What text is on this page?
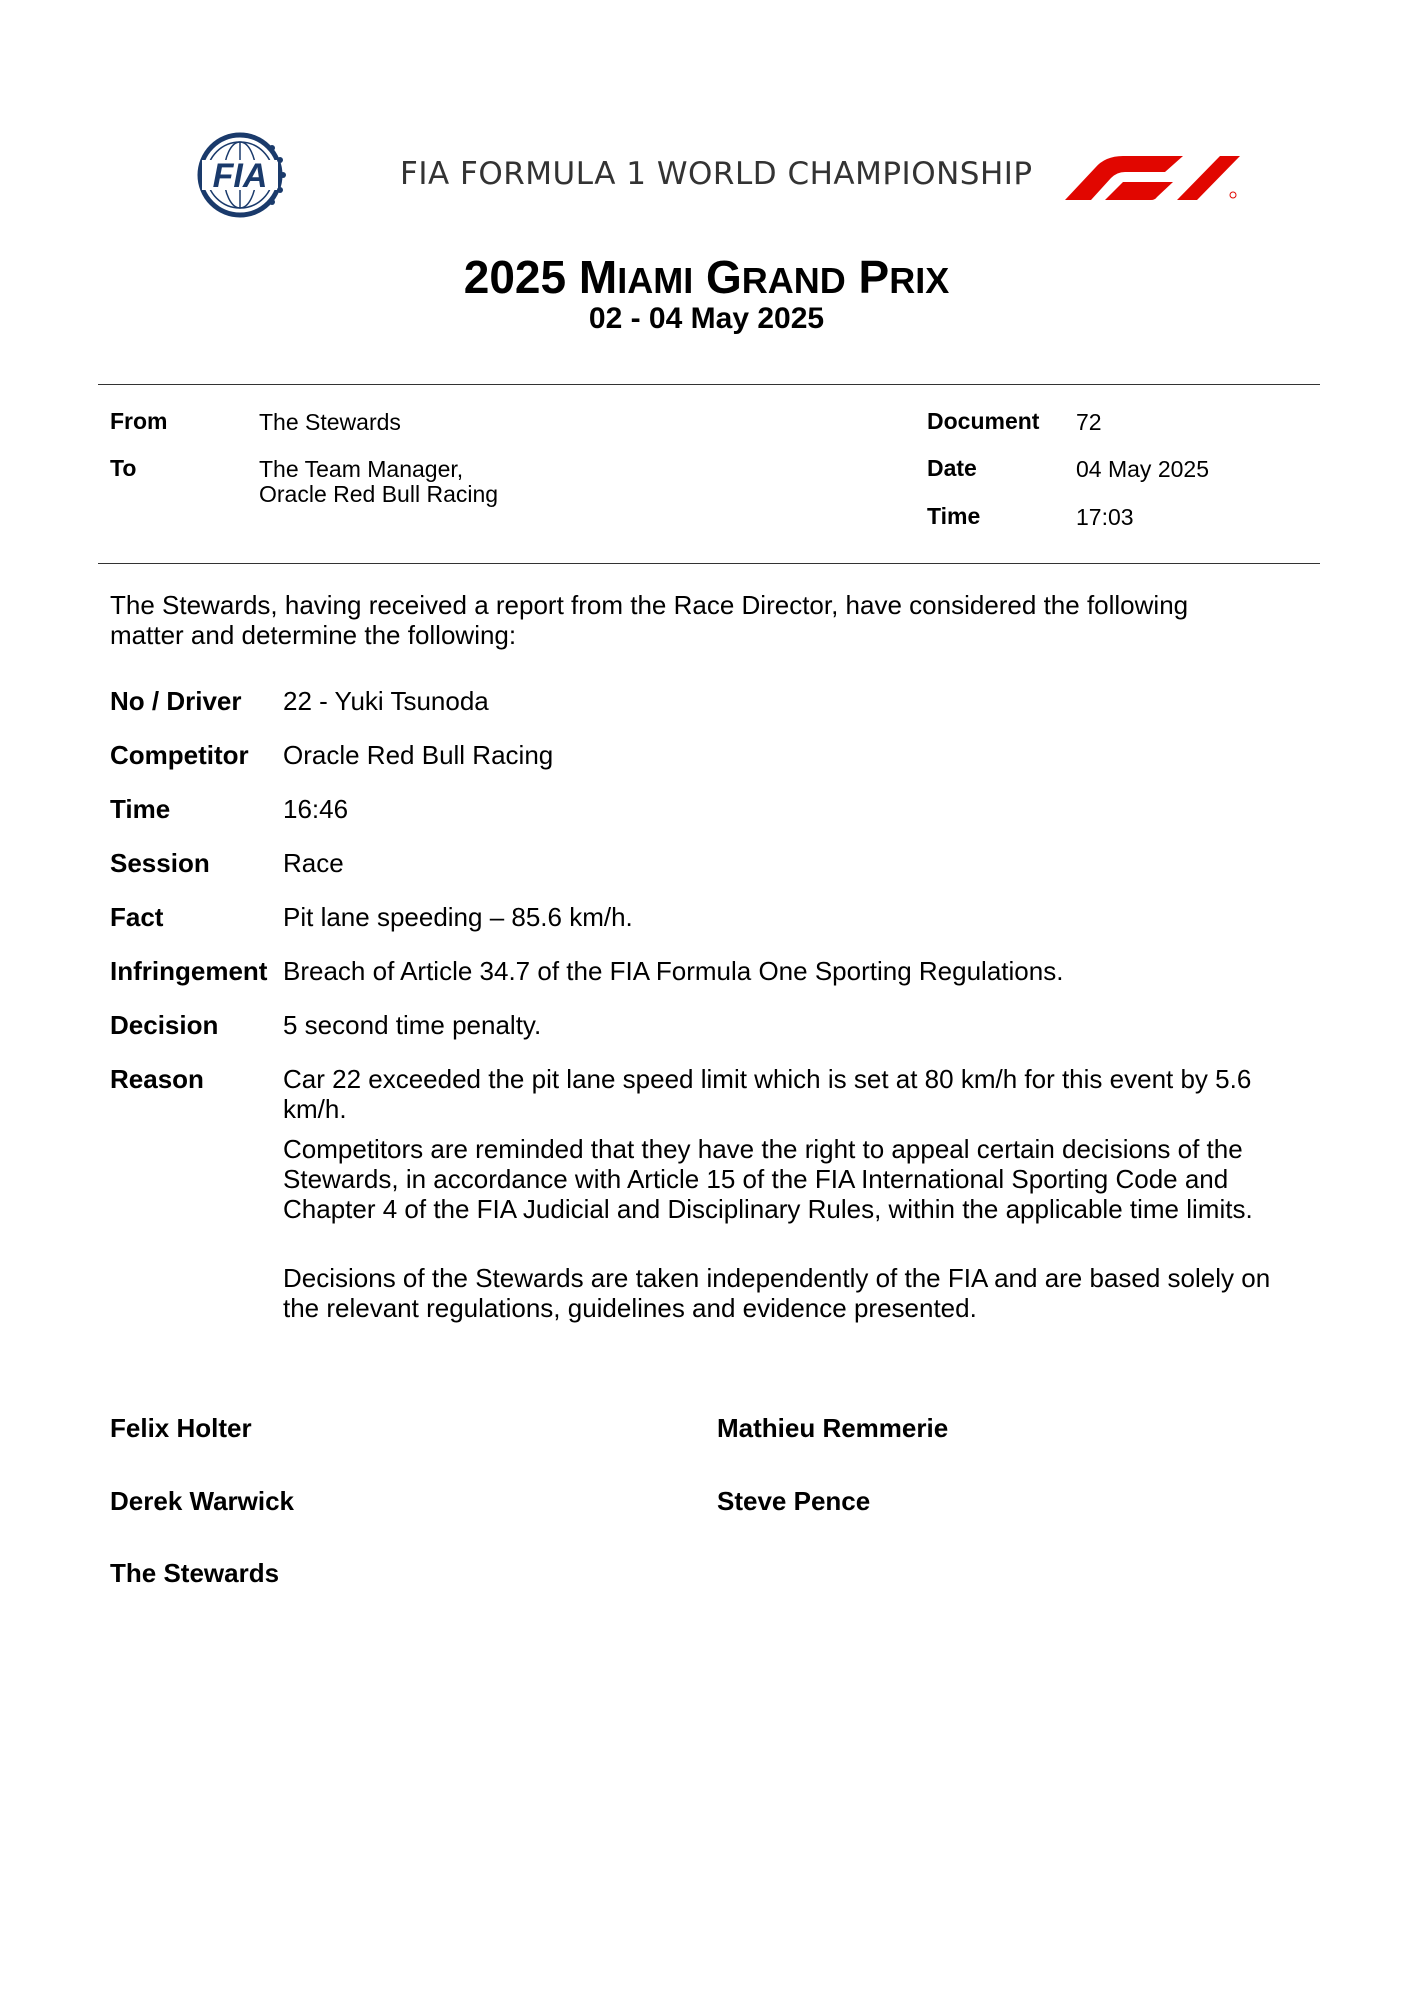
FIA	FIA FORMULA 1 WORLD CHAMPIONSHIP
2025 MIAMI GRAND PRIX
02 - 04 May 2025
From	The Stewards
To	The Team Manager,
Oracle Red Bull Racing
Document 72
Date	04 May 2025
Time	17:03
The Stewards, having received a report from the Race Director, have considered the following matter and determine the following:
No / Driver 22 - Yuki Tsunoda
Competitor Oracle Red Bull Racing
Time	16:46
Session	Race
Fact	Pit lane speeding – 85.6 km/h.
Infringement Breach of Article 34.7 of the FIA Formula One Sporting Regulations.
Decision 5 second time penalty.
Reason	Car 22 exceeded the pit lane speed limit which is set at 80 km/h for this event by 5.6 km/h.
Competitors are reminded that they have the right to appeal certain decisions of the Stewards, in accordance with Article 15 of the FIA International Sporting Code and Chapter 4 of the FIA Judicial and Disciplinary Rules, within the applicable time limits.
Decisions of the Stewards are taken independently of the FIA and are based solely on the relevant regulations, guidelines and evidence presented.
Felix Holter	Mathieu Remmerie
Derek Warwick	Steve Pence
The Stewards
